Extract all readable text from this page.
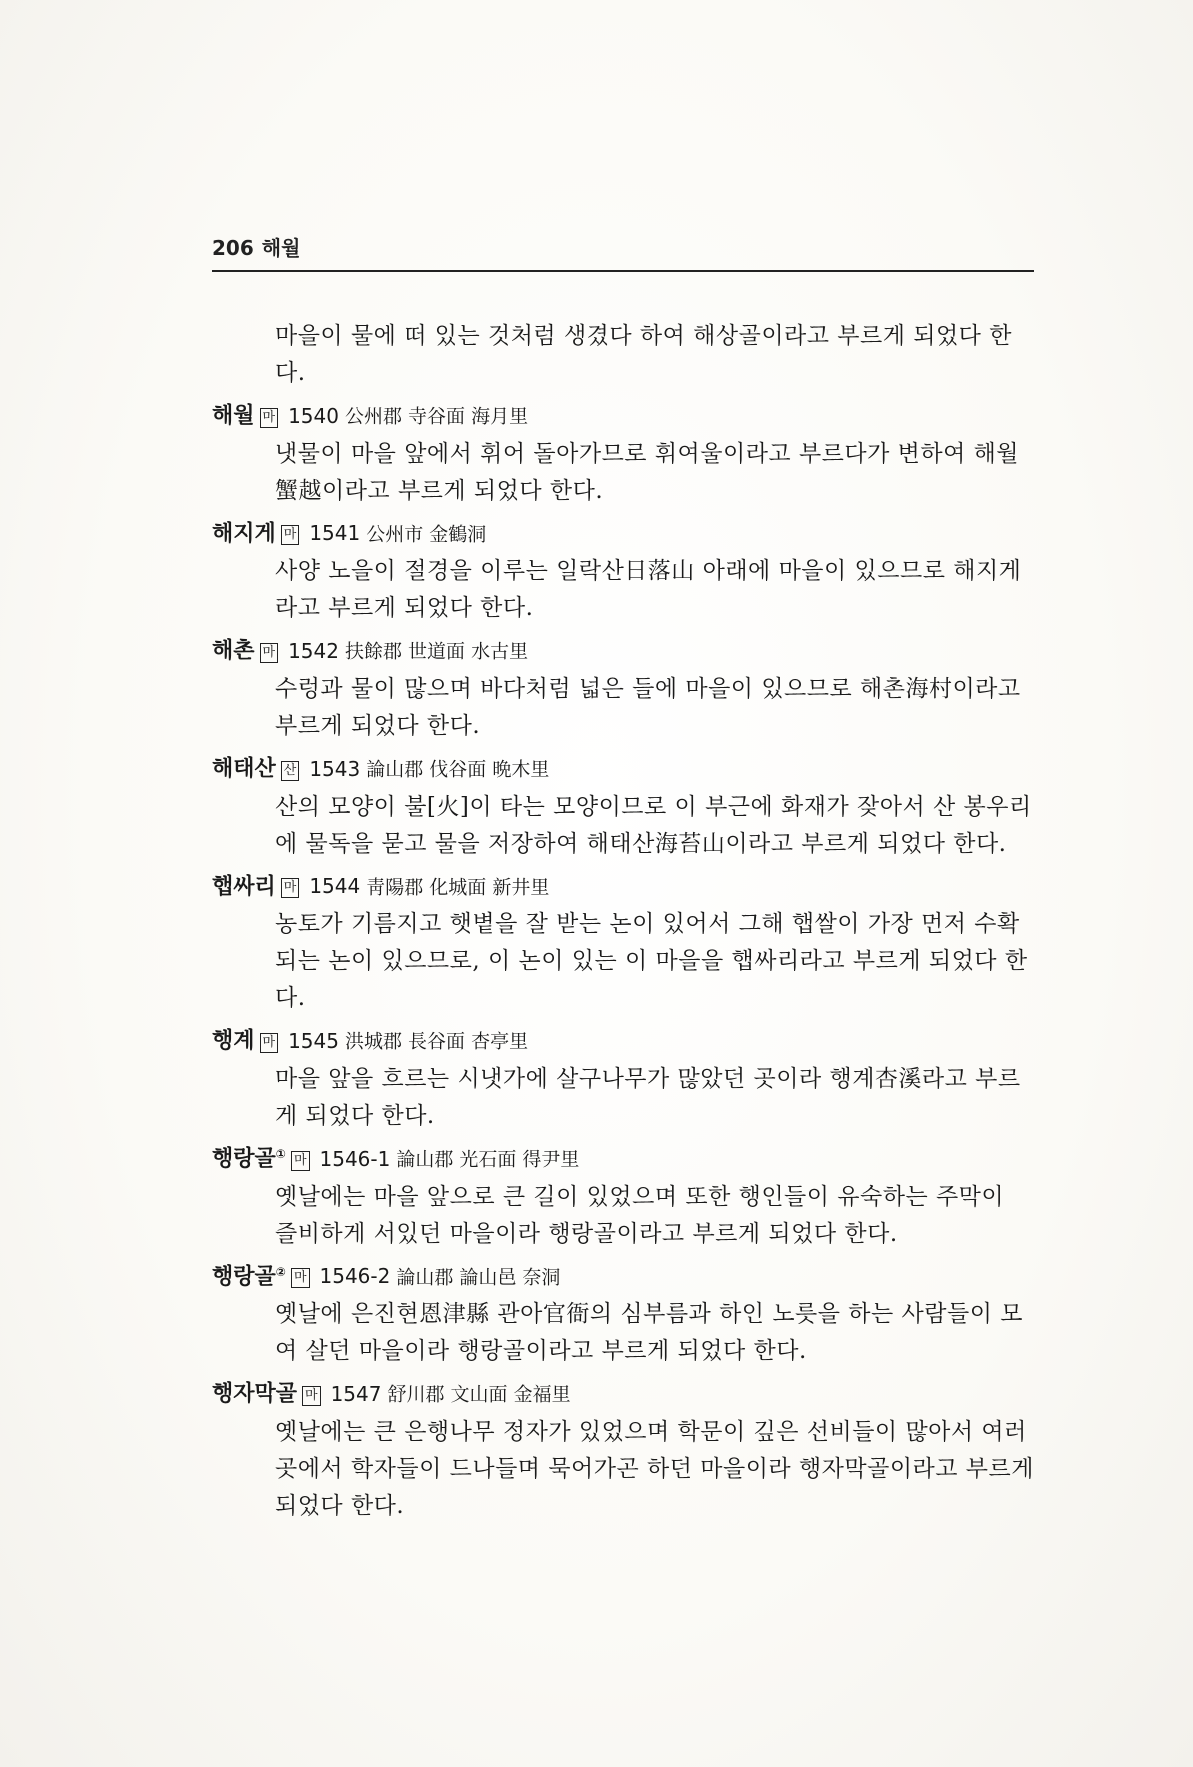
206 해월
마을이 물에 떠 있는 것처럼 생겼다 하여 해상골이라고 부르게 되었다 한다.
해월 마 1540 公州郡 寺谷面 海月里
냇물이 마을 앞에서 휘어 돌아가므로 휘여울이라고 부르다가 변하여 해월蟹越이라고 부르게 되었다 한다.
해지게 마 1541 公州市 金鶴洞
사양 노을이 절경을 이루는 일락산日落山 아래에 마을이 있으므로 해지게라고 부르게 되었다 한다.
해촌 마 1542 扶餘郡 世道面 水古里
수렁과 물이 많으며 바다처럼 넓은 들에 마을이 있으므로 해촌海村이라고 부르게 되었다 한다.
해태산 산 1543 論山郡 伐谷面 晩木里
산의 모양이 불[火]이 타는 모양이므로 이 부근에 화재가 잦아서 산 봉우리에 물독을 묻고 물을 저장하여 해태산海苔山이라고 부르게 되었다 한다.
햅싸리 마 1544 靑陽郡 化城面 新井里
농토가 기름지고 햇볕을 잘 받는 논이 있어서 그해 햅쌀이 가장 먼저 수확되는 논이 있으므로, 이 논이 있는 이 마을을 햅싸리라고 부르게 되었다 한다.
행계 마 1545 洪城郡 長谷面 杏亭里
마을 앞을 흐르는 시냇가에 살구나무가 많았던 곳이라 행계杏溪라고 부르게 되었다 한다.
행랑골① 마 1546-1 論山郡 光石面 得尹里
옛날에는 마을 앞으로 큰 길이 있었으며 또한 행인들이 유숙하는 주막이 즐비하게 서있던 마을이라 행랑골이라고 부르게 되었다 한다.
행랑골② 마 1546-2 論山郡 論山邑 奈洞
옛날에 은진현恩津縣 관아官衙의 심부름과 하인 노릇을 하는 사람들이 모여 살던 마을이라 행랑골이라고 부르게 되었다 한다.
행자막골 마 1547 舒川郡 文山面 金福里
옛날에는 큰 은행나무 정자가 있었으며 학문이 깊은 선비들이 많아서 여러 곳에서 학자들이 드나들며 묵어가곤 하던 마을이라 행자막골이라고 부르게 되었다 한다.
